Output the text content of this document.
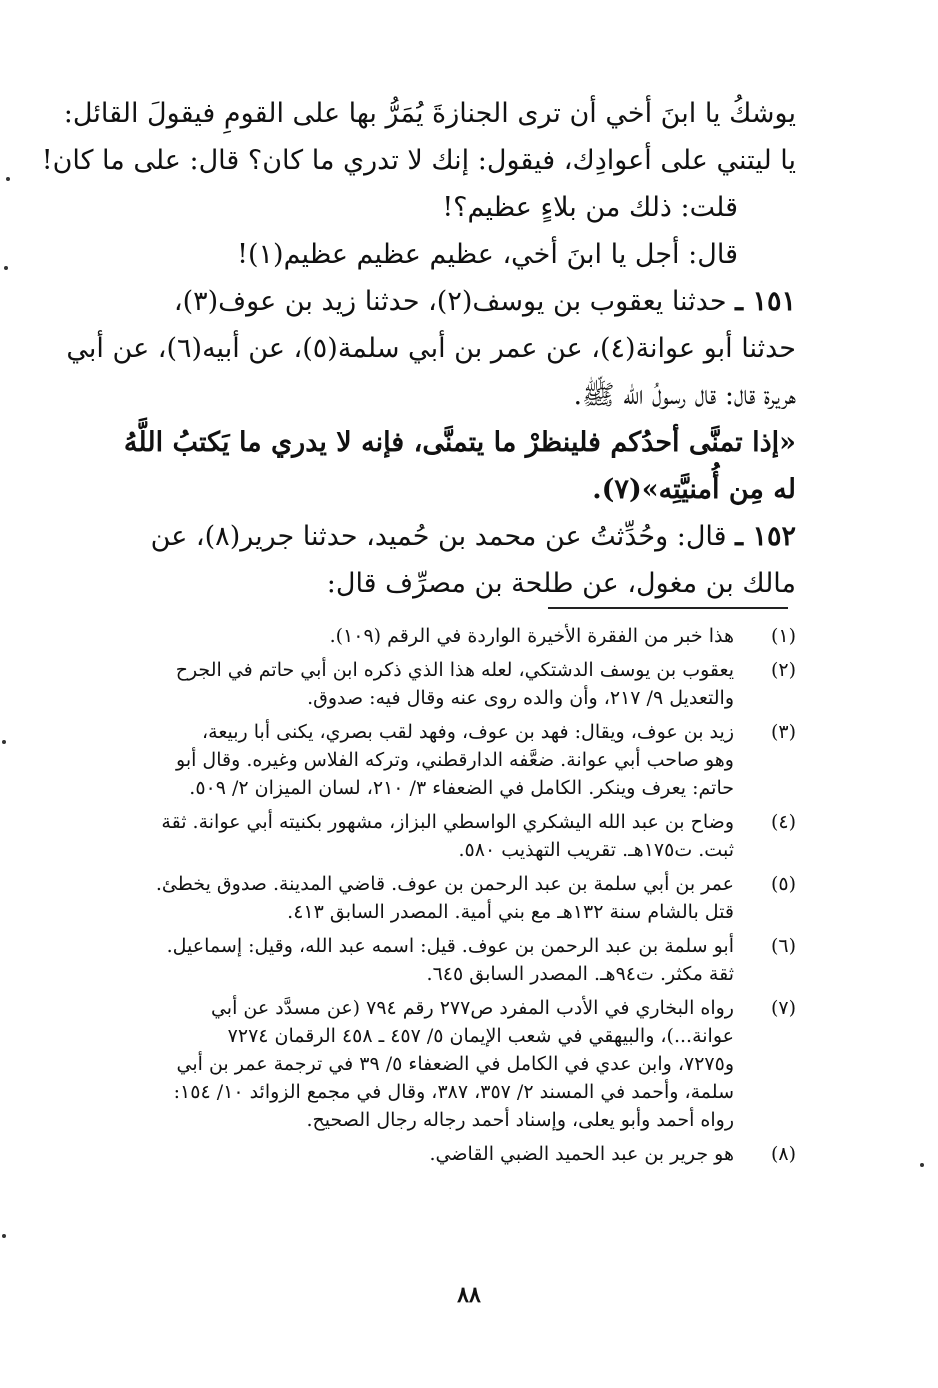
يوشكُ يا ابنَ أخي أن ترى الجنازةَ يُمَرُّ بها على القومِ فيقولَ القائل:
يا ليتني على أعوادِك، فيقول: إنك لا تدري ما كان؟ قال: على ما كان!
قلت: ذلك من بلاءٍ عظيم؟!
قال: أجل يا ابنَ أخي، عظيم عظيم عظيم(١)!
١٥١ ـ حدثنا يعقوب بن يوسف(٢)، حدثنا زيد بن عوف(٣)،
حدثنا أبو عوانة(٤)، عن عمر بن أبي سلمة(٥)، عن أبيه(٦)، عن أبي
هريرة قال: قال رسولُ الله ﷺ.
«إذا تمنَّى أحدُكم فلينظرْ ما يتمنَّى، فإنه لا يدري ما يَكتبُ اللَّهُ
له مِن أُمنيَّتِه»(٧).
١٥٢ ـ قال: وحُدِّثتُ عن محمد بن حُميد، حدثنا جرير(٨)، عن
مالك بن مغول، عن طلحة بن مصرِّف قال:
(١)
هذا خبر من الفقرة الأخيرة الواردة في الرقم (١٠٩).
(٢)
يعقوب بن يوسف الدشتكي، لعله هذا الذي ذكره ابن أبي حاتم في الجرح
والتعديل ٩/ ٢١٧، وأن والده روى عنه وقال فيه: صدوق.
(٣)
زيد بن عوف، ويقال: فهد بن عوف، وفهد لقب بصري، يكنى أبا ربيعة،
وهو صاحب أبي عوانة. ضعَّفه الدارقطني، وتركه الفلاس وغيره. وقال أبو
حاتم: يعرف وينكر. الكامل في الضعفاء ٣/ ٢١٠، لسان الميزان ٢/ ٥٠٩.
(٤)
وضاح بن عبد الله اليشكري الواسطي البزاز، مشهور بكنيته أبي عوانة. ثقة
ثبت. ت١٧٥هـ. تقريب التهذيب ٥٨٠.
(٥)
عمر بن أبي سلمة بن عبد الرحمن بن عوف. قاضي المدينة. صدوق يخطئ.
قتل بالشام سنة ١٣٢هـ مع بني أمية. المصدر السابق ٤١٣.
(٦)
أبو سلمة بن عبد الرحمن بن عوف. قيل: اسمه عبد الله، وقيل: إسماعيل.
ثقة مكثر. ت٩٤هـ. المصدر السابق ٦٤٥.
(٧)
رواه البخاري في الأدب المفرد ص٢٧٧ رقم ٧٩٤ (عن مسدَّد عن أبي
عوانة...)، والبيهقي في شعب الإيمان ٥/ ٤٥٧ ـ ٤٥٨ الرقمان ٧٢٧٤
و٧٢٧٥، وابن عدي في الكامل في الضعفاء ٥/ ٣٩ في ترجمة عمر بن أبي
سلمة، وأحمد في المسند ٢/ ٣٥٧، ٣٨٧، وقال في مجمع الزوائد ١٠/ ١٥٤:
رواه أحمد وأبو يعلى، وإسناد أحمد رجاله رجال الصحيح.
(٨)
هو جرير بن عبد الحميد الضبي القاضي.
٨٨
